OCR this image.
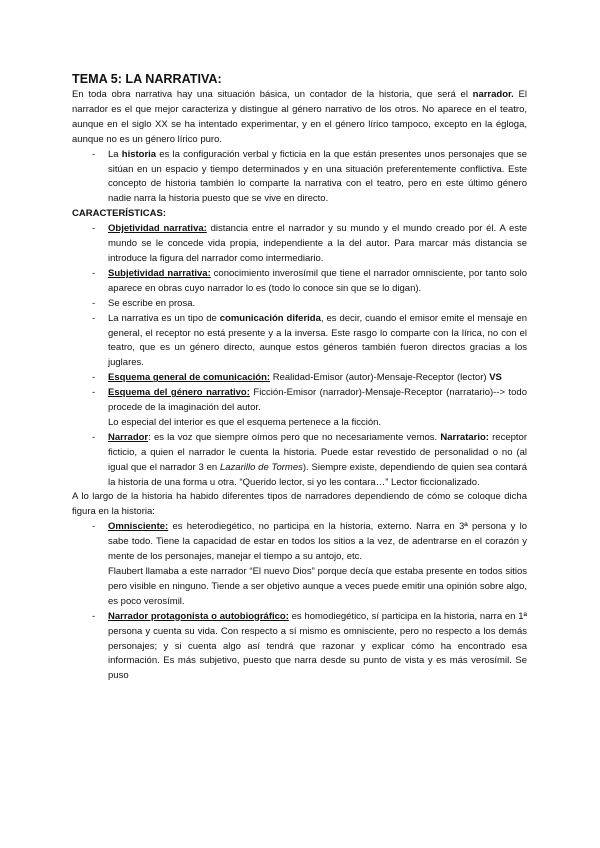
TEMA 5: LA NARRATIVA:

En toda obra narrativa hay una situación básica, un contador de la historia, que será el narrador. El narrador es el que mejor caracteriza y distingue al género narrativo de los otros. No aparece en el teatro, aunque en el siglo XX se ha intentado experimentar, y en el género lírico tampoco, excepto en la égloga, aunque no es un género lírico puro.

- La historia es la configuración verbal y ficticia en la que están presentes unos personajes que se sitúan en un espacio y tiempo determinados y en una situación preferentemente conflictiva. Este concepto de historia también lo comparte la narrativa con el teatro, pero en este último género nadie narra la historia puesto que se vive en directo.
CARACTERÍSTICAS:
- Objetividad narrativa: distancia entre el narrador y su mundo y el mundo creado por él. A este mundo se le concede vida propia, independiente a la del autor. Para marcar más distancia se introduce la figura del narrador como intermediario.
- Subjetividad narrativa: conocimiento inverosímil que tiene el narrador omnisciente, por tanto solo aparece en obras cuyo narrador lo es (todo lo conoce sin que se lo digan).
- Se escribe en prosa.
- La narrativa es un tipo de comunicación diferida, es decir, cuando el emisor emite el mensaje en general, el receptor no está presente y a la inversa. Este rasgo lo comparte con la lírica, no con el teatro, que es un género directo, aunque estos géneros también fueron directos gracias a los juglares.
- Esquema general de comunicación: Realidad-Emisor (autor)-Mensaje-Receptor (lector) VS
- Esquema del género narrativo: Ficción-Emisor (narrador)-Mensaje-Receptor (narratario)--> todo procede de la imaginación del autor.

Lo especial del interior es que el esquema pertenece a la ficción.

- Narrador: es la voz que siempre oímos pero que no necesariamente vemos. Narratario: receptor ficticio, a quien el narrador le cuenta la historia. Puede estar revestido de personalidad o no (al igual que el narrador 3 en Lazarillo de Tormes). Siempre existe, dependiendo de quien sea contará la historia de una forma u otra. “Querido lector, si yo les contara…” Lector ficcionalizado.

A lo largo de la historia ha habido diferentes tipos de narradores dependiendo de cómo se coloque dicha figura en la historia:

- Omnisciente: es heterodiegético, no participa en la historia, externo. Narra en 3ª persona y lo sabe todo. Tiene la capacidad de estar en todos los sitios a la vez, de adentrarse en el corazón y mente de los personajes, manejar el tiempo a su antojo, etc.

Flaubert llamaba a este narrador “El nuevo Dios” porque decía que estaba presente en todos sitios pero visible en ninguno. Tiende a ser objetivo aunque a veces puede emitir una opinión sobre algo, es poco verosímil.

- Narrador protagonista o autobiográfico: es homodiegético, sí participa en la historia, narra en 1ª persona y cuenta su vida. Con respecto a sí mismo es omnisciente, pero no respecto a los demás personajes; y si cuenta algo así tendrá que razonar y explicar cómo ha encontrado esa información. Es más subjetivo, puesto que narra desde su punto de vista y es más verosímil. Se puso
